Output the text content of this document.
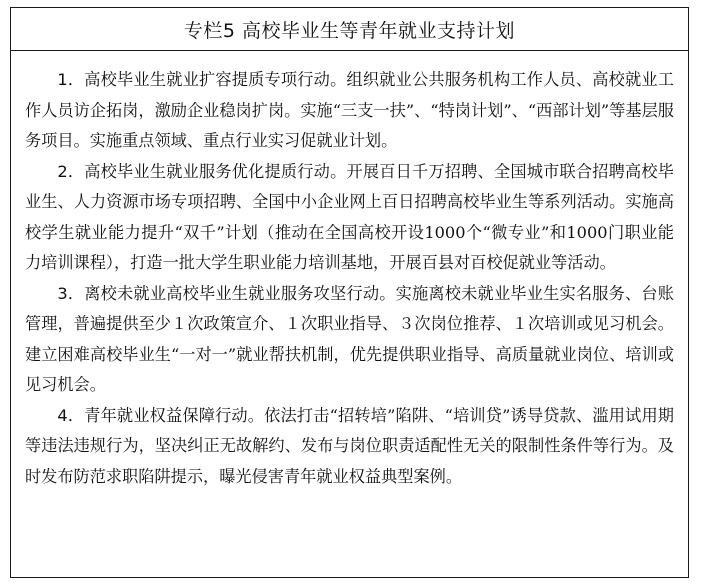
专栏5 高校毕业生等青年就业支持计划

1．高校毕业生就业扩容提质专项行动。组织就业公共服务机构工作人员、高校就业工作人员访企拓岗，激励企业稳岗扩岗。实施“三支一扶”、“特岗计划”、“西部计划”等基层服务项目。实施重点领域、重点行业实习促就业计划。

2．高校毕业生就业服务优化提质行动。开展百日千万招聘、全国城市联合招聘高校毕业生、人力资源市场专项招聘、全国中小企业网上百日招聘高校毕业生等系列活动。实施高校学生就业能力提升“双千”计划（推动在全国高校开设1000个“微专业”和1000门职业能力培训课程），打造一批大学生职业能力培训基地，开展百县对百校促就业等活动。

3．离校未就业高校毕业生就业服务攻坚行动。实施离校未就业毕业生实名服务、台账管理，普遍提供至少１次政策宣介、１次职业指导、３次岗位推荐、１次培训或见习机会。建立困难高校毕业生“一对一”就业帮扶机制，优先提供职业指导、高质量就业岗位、培训或见习机会。

4．青年就业权益保障行动。依法打击“招转培”陷阱、“培训贷”诱导贷款、滥用试用期等违法违规行为，坚决纠正无故解约、发布与岗位职责适配性无关的限制性条件等行为。及时发布防范求职陷阱提示，曝光侵害青年就业权益典型案例。
